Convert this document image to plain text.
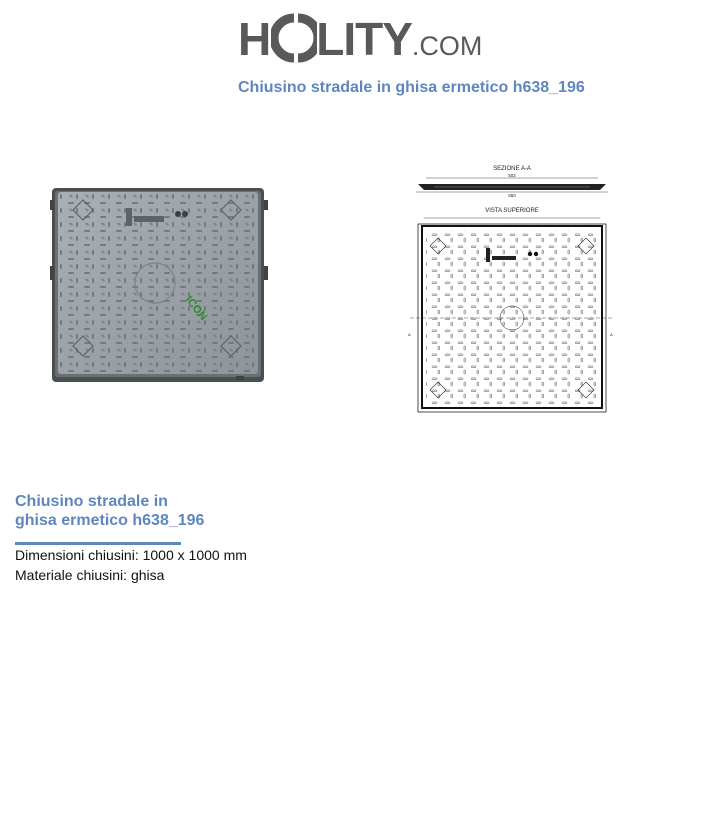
H LITY.COM
Chiusino stradale in ghisa ermetico h638_196
ICON
SEZIONE A-A
502
650
VISTA SUPERIORE
A	A
Chiusino stradale in
ghisa ermetico h638_196
Dimensioni chiusini: 1000 x 1000 mm
Materiale chiusini: ghisa
